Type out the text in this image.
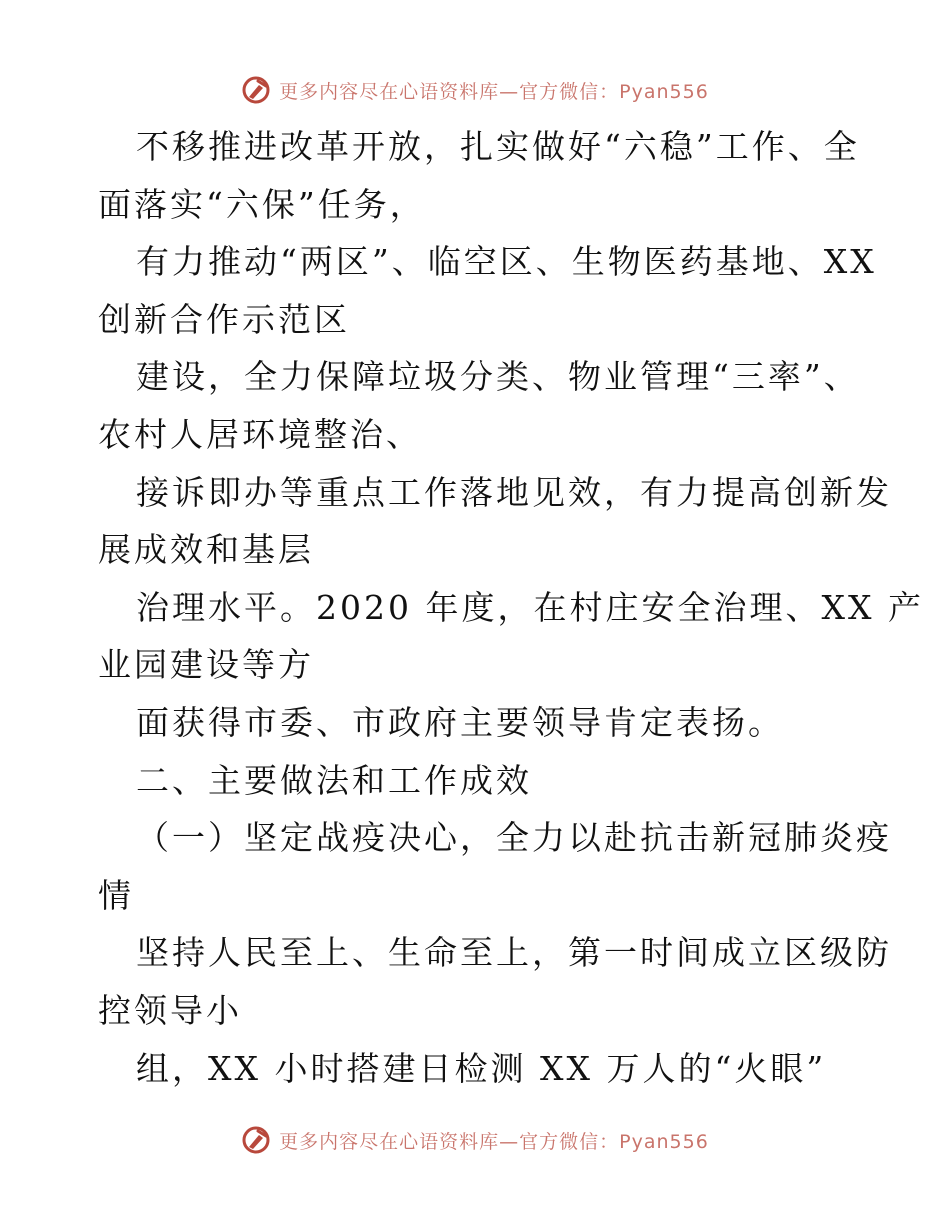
更多内容尽在心语资料库—官方微信：Pyan556
不移推进改革开放，扎实做好“六稳”工作、全
面落实“六保”任务，
有力推动“两区”、临空区、生物医药基地、XX
创新合作示范区
建设，全力保障垃圾分类、物业管理“三率”、
农村人居环境整治、
接诉即办等重点工作落地见效，有力提高创新发
展成效和基层
治理水平。2020 年度，在村庄安全治理、XX 产
业园建设等方
面获得市委、市政府主要领导肯定表扬。
二、主要做法和工作成效
（一）坚定战疫决心，全力以赴抗击新冠肺炎疫
情
坚持人民至上、生命至上，第一时间成立区级防
控领导小
组，XX 小时搭建日检测 XX 万人的“火眼”
更多内容尽在心语资料库—官方微信：Pyan556
